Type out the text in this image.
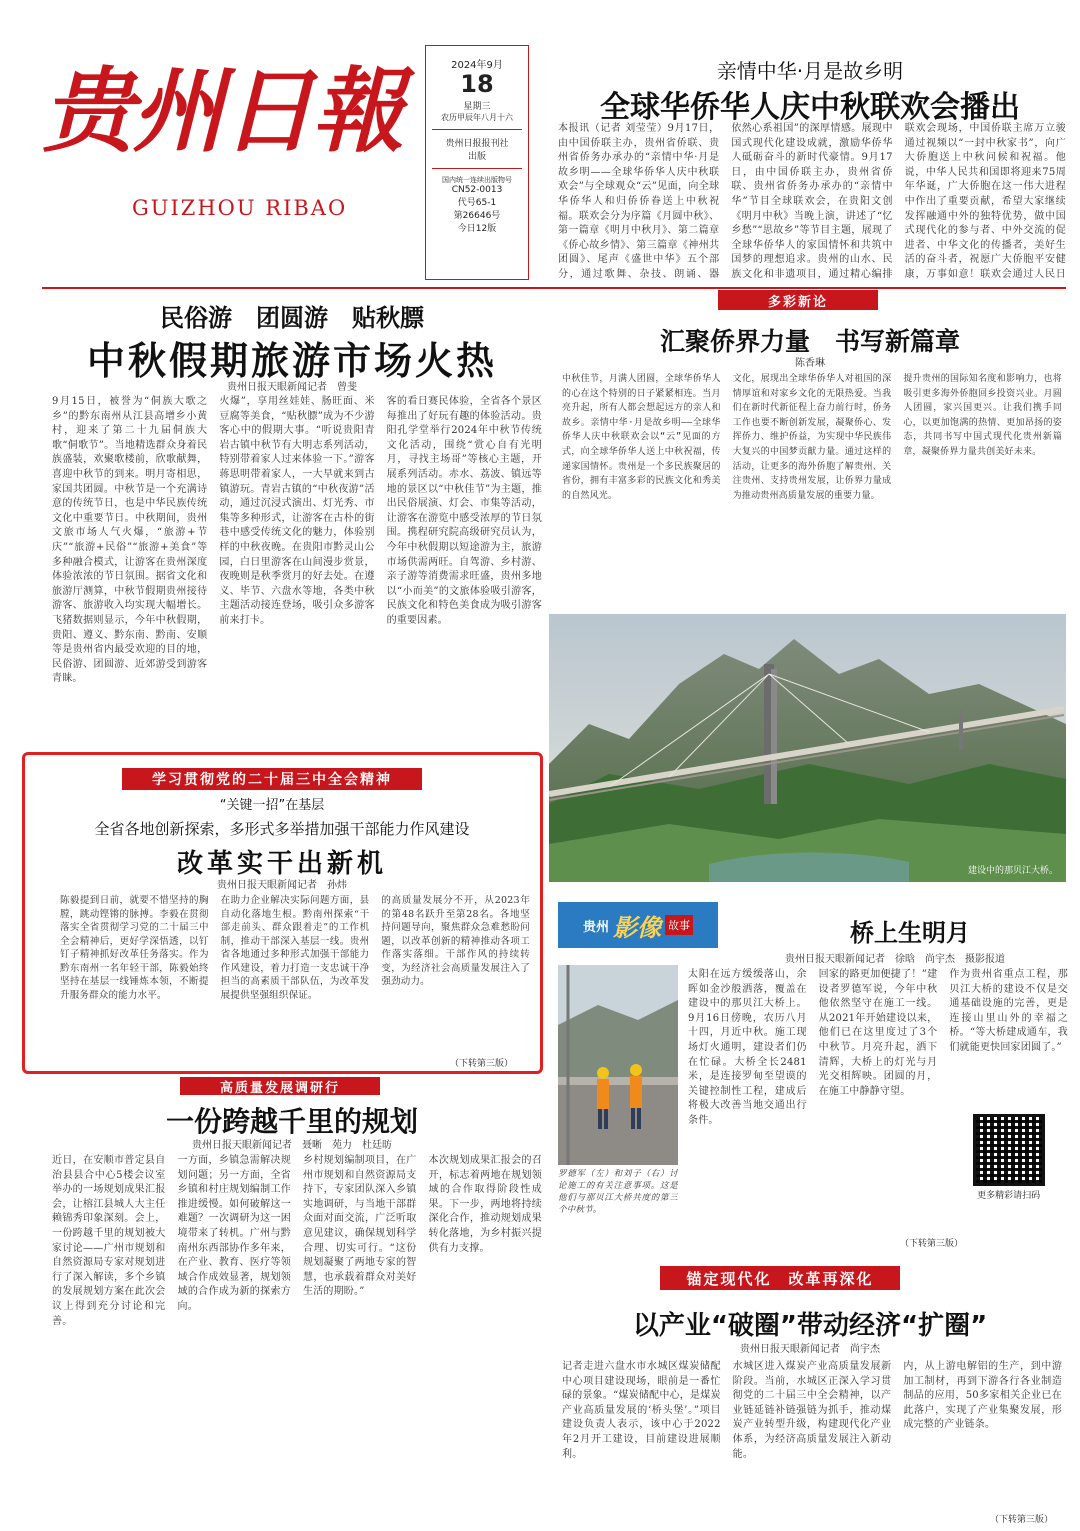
贵州日報
GUIZHOU RIBAO
2024年9月
18
星期三
农历甲辰年八月十六
贵州日报报刊社
出版
国内统一连续出版物号
CN52-0013
代号65-1
第26646号
今日12版
亲情中华·月是故乡明
全球华侨华人庆中秋联欢会播出
本报讯（记者 刘莹莹）9月17日，由中国侨联主办，贵州省侨联、贵州省侨务办承办的“亲情中华·月是故乡明——全球华侨华人庆中秋联欢会”与全球观众“云”见面，向全球华侨华人和归侨侨眷送上中秋祝福。联欢会分为序篇《月圆中秋》、第一篇章《明月中秋月》、第二篇章《侨心故乡情》、第三篇章《神州共团圆》、尾声《盛世中华》五个部分，通过歌舞、杂技、朗诵、器
依然心系祖国”的深厚情感。展现中国式现代化建设成就，激励华侨华人砥砺奋斗的新时代豪情。9月17日，由中国侨联主办，贵州省侨联、贵州省侨务办承办的“亲情中华”节目全球联欢会，在贵阳文创《明月中秋》当晚上演，讲述了“忆乡愁”“思故乡”等节目主题，展现了全球华侨华人的家国情怀和共筑中国梦的理想追求。贵州的山水、民族文化和非遗项目，通过精心编排
联欢会现场，中国侨联主席万立骏通过视频以“一封中秋家书”，向广大侨胞送上中秋问候和祝福。他说，中华人民共和国即将迎来75周年华诞，广大侨胞在这一伟大进程中作出了重要贡献，希望大家继续发挥融通中外的独特优势，做中国式现代化的参与者、中外交流的促进者、中华文化的传播者，美好生活的奋斗者，祝愿广大侨胞平安健康，万事如意！联欢会通过人民日
民俗游　团圆游　贴秋膘
中秋假期旅游市场火热
贵州日报天眼新闻记者　曾斐
9月15日，被誉为“侗族大歌之乡”的黔东南州从江县高增乡小黄村，迎来了第二十九届侗族大歌“侗歌节”。当地精选群众身着民族盛装，欢聚歌楼前，欣歌献舞，喜迎中秋节的到来。明月寄相思，家国共团圆。中秋节是一个充满诗意的传统节日，也是中华民族传统文化中重要节日。中秋期间，贵州文旅市场人气火爆，“旅游+节庆”“旅游+民俗”“旅游+美食”等多种融合模式，让游客在贵州深度体验浓浓的节日氛围。据省文化和旅游厅测算，中秋节假期贵州接待游客、旅游收入均实现大幅增长。飞猪数据则显示，今年中秋假期，贵阳、遵义、黔东南、黔南、安顺等是贵州省内最受欢迎的目的地，民俗游、团圆游、近郊游受到游客青睐。
火爆”，享用丝娃娃、肠旺面、米豆腐等美食，“贴秋膘”成为不少游客心中的假期大事。“听说贵阳青岩古镇中秋节有大明志系列活动，特别带着家人过来体验一下。”游客蒋思明带着家人，一大早就来到古镇游玩。青岩古镇的“中秋夜游”活动，通过沉浸式演出、灯光秀、市集等多种形式，让游客在古朴的街巷中感受传统文化的魅力，体验别样的中秋夜晚。在贵阳市黔灵山公园，白日里游客在山间漫步赏景，夜晚则是秋季赏月的好去处。在遵义、毕节、六盘水等地，各类中秋主题活动接连登场，吸引众多游客前来打卡。
客的看日赛民体验，全省各个景区每推出了好玩有趣的体验活动。贵阳孔学堂举行2024年中秋节传统文化活动，围绕“赏心自有光明月，寻找主场哥”等核心主题，开展系列活动。赤水、荔波、镇远等地的景区以“中秋佳节”为主题，推出民俗展演、灯会、市集等活动，让游客在游览中感受浓厚的节日氛围。携程研究院高级研究员认为，今年中秋假期以短途游为主，旅游市场供需两旺。自驾游、乡村游、亲子游等消费需求旺盛，贵州多地以“小而美”的文旅体验吸引游客，民族文化和特色美食成为吸引游客的重要因素。
多彩新论
汇聚侨界力量　书写新篇章
陈香琳
中秋佳节，月满人团圆，全球华侨华人的心在这个特别的日子紧紧相连。当月亮升起，所有人都会想起远方的亲人和故乡。亲情中华·月是故乡明——全球华侨华人庆中秋联欢会以“云”见面的方式，向全球华侨华人送上中秋祝福，传递家国情怀。贵州是一个多民族聚居的省份，拥有丰富多彩的民族文化和秀美的自然风光。
文化，展现出全球华侨华人对祖国的深情厚谊和对家乡文化的无限热爱。当我们在新时代新征程上奋力前行时，侨务工作也要不断创新发展，凝聚侨心、发挥侨力、维护侨益，为实现中华民族伟大复兴的中国梦贡献力量。通过这样的活动，让更多的海外侨胞了解贵州、关注贵州、支持贵州发展，让侨界力量成为推动贵州高质量发展的重要力量。
提升贵州的国际知名度和影响力，也将吸引更多海外侨胞回乡投资兴业。月圆人团圆，家兴国更兴。让我们携手同心，以更加饱满的热情、更加昂扬的姿态，共同书写中国式现代化贵州新篇章，凝聚侨界力量共创美好未来。
建设中的那贝江大桥。
学习贯彻党的二十届三中全会精神
“关键一招”在基层
全省各地创新探索，多形式多举措加强干部能力作风建设
改革实干出新机
贵州日报天眼新闻记者　孙炜
陈毅提到日前，就要不惜坚持的胸膛，跳动铿锵的脉搏。李毅在贯彻落实全省贯彻学习党的二十届三中全会精神后，更好学深悟透，以钉钉子精神抓好改革任务落实。作为黔东南州一名年轻干部，陈毅始终坚持在基层一线锤炼本领，不断提升服务群众的能力水平。
在助力企业解决实际问题方面，县自动化落地生根。黔南州探索“干部走前头、群众跟着走”的工作机制，推动干部深入基层一线。贵州省各地通过多种形式加强干部能力作风建设，着力打造一支忠诚干净担当的高素质干部队伍，为改革发展提供坚强组织保证。
的高质量发展分不开，从2023年的第48名跃升至第28名。各地坚持问题导向，聚焦群众急难愁盼问题，以改革创新的精神推动各项工作落实落细。干部作风的持续转变，为经济社会高质量发展注入了强劲动力。
（下转第三版）
高质量发展调研行
一份跨越千里的规划
贵州日报天眼新闻记者　聂晰　苑力　杜廷昉
近日，在安顺市普定县自治县县合中心5楼会议室举办的一场规划成果汇报会，让榕江县城人大主任赖锦秀印象深刻。会上，一份跨越千里的规划被大家讨论——广州市规划和自然资源局专家对规划进行了深入解读，多个乡镇的发展规划方案在此次会议上得到充分讨论和完善。
一方面，乡镇急需解决规划问题；另一方面，全省乡镇和村庄规划编制工作推进缓慢。如何破解这一难题？一次调研为这一困境带来了转机。广州与黔南州东西部协作多年来，在产业、教育、医疗等领域合作成效显著，规划领域的合作成为新的探索方向。
乡村规划编制项目，在广州市规划和自然资源局支持下，专家团队深入乡镇实地调研，与当地干部群众面对面交流，广泛听取意见建议，确保规划科学合理、切实可行。“这份规划凝聚了两地专家的智慧，也承载着群众对美好生活的期盼。”
本次规划成果汇报会的召开，标志着两地在规划领域的合作取得阶段性成果。下一步，两地将持续深化合作，推动规划成果转化落地，为乡村振兴提供有力支撑。
贵州 影像 故事	桥上生明月
贵州日报天眼新闻记者　徐晗　尚宇杰　摄影报道
罗德军（左）和刘子（右）讨论施工的有关注意事项。这是他们与那贝江大桥共度的第三个中秋节。
太阳在远方缓缓落山，余晖如金沙般洒落，覆盖在建设中的那贝江大桥上。9月16日傍晚，农历八月十四，月近中秋。施工现场灯火通明，建设者们仍在忙碌。大桥全长2481米，是连接罗甸至望谟的关键控制性工程，建成后将极大改善当地交通出行条件。
回家的路更加便捷了！”建设者罗德军说，今年中秋他依然坚守在施工一线。从2021年开始建设以来，他们已在这里度过了3个中秋节。月亮升起，洒下清辉，大桥上的灯光与月光交相辉映。团圆的月，在施工中静静守望。
作为贵州省重点工程，那贝江大桥的建设不仅是交通基础设施的完善，更是连接山里山外的幸福之桥。“等大桥建成通车，我们就能更快回家团圆了。”
更多精彩请扫码
（下转第三版）
锚定现代化　改革再深化
以产业“破圈”带动经济“扩圈”
贵州日报天眼新闻记者　尚宇杰
记者走进六盘水市水城区煤炭储配中心项目建设现场，眼前是一番忙碌的景象。“煤炭储配中心，是煤炭产业高质量发展的‘桥头堡’。”项目建设负责人表示，该中心于2022年2月开工建设，目前建设进展顺利。
水城区进入煤炭产业高质量发展新阶段。当前，水城区正深入学习贯彻党的二十届三中全会精神，以产业链延链补链强链为抓手，推动煤炭产业转型升级，构建现代化产业体系，为经济高质量发展注入新动能。
内，从上游电解铝的生产，到中游加工制材，再到下游各行各业制造制品的应用，50多家相关企业已在此落户，实现了产业集聚发展，形成完整的产业链条。
（下转第三版）
